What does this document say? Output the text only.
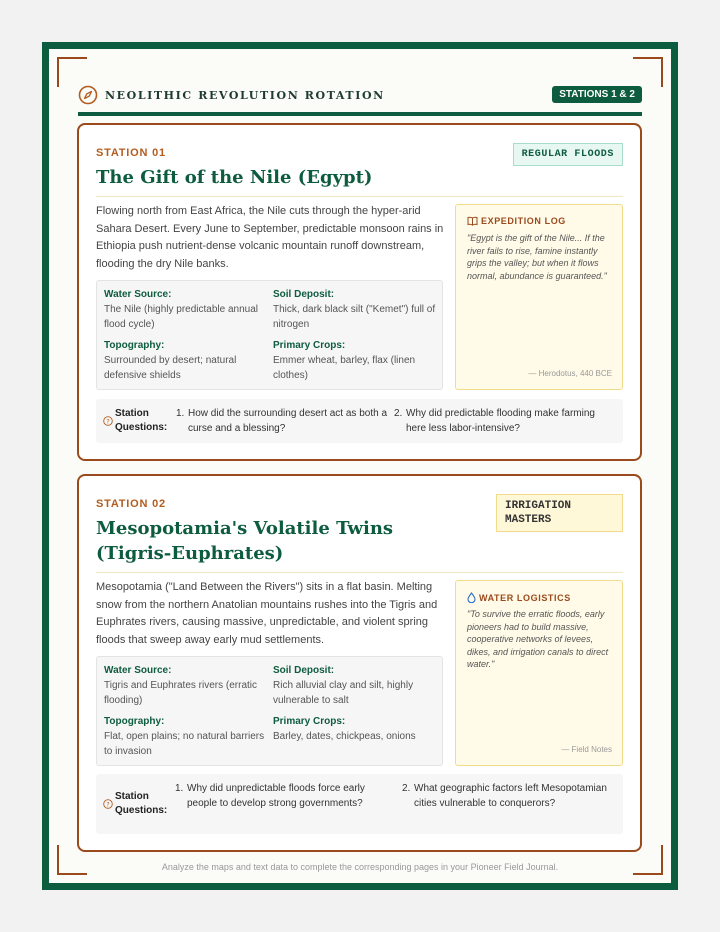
NEOLITHIC REVOLUTION ROTATION	STATIONS 1 & 2
STATION 01
The Gift of the Nile (Egypt)
REGULAR FLOODS
Flowing north from East Africa, the Nile cuts through the hyper-arid Sahara Desert. Every June to September, predictable monsoon rains in Ethiopia push nutrient-dense volcanic mountain runoff downstream, flooding the dry Nile banks.
Water Source:
The Nile (highly predictable annual flood cycle)
Soil Deposit:
Thick, dark black silt ("Kemet") full of nitrogen
Topography:
Surrounded by desert; natural defensive shields
Primary Crops:
Emmer wheat, barley, flax (linen clothes)
EXPEDITION LOG
"Egypt is the gift of the Nile... If the river fails to rise, famine instantly grips the valley; but when it flows normal, abundance is guaranteed."
— Herodotus, 440 BCE
?
Station Questions:
1. How did the surrounding desert act as both a curse and a blessing?
2. Why did predictable flooding make farming here less labor-intensive?
STATION 02
Mesopotamia's Volatile Twins (Tigris-Euphrates)
IRRIGATION MASTERS
Mesopotamia ("Land Between the Rivers") sits in a flat basin. Melting snow from the northern Anatolian mountains rushes into the Tigris and Euphrates rivers, causing massive, unpredictable, and violent spring floods that sweep away early mud settlements.
Water Source:
Tigris and Euphrates rivers (erratic flooding)
Soil Deposit:
Rich alluvial clay and silt, highly vulnerable to salt
Topography:
Flat, open plains; no natural barriers to invasion
Primary Crops:
Barley, dates, chickpeas, onions
WATER LOGISTICS
"To survive the erratic floods, early pioneers had to build massive, cooperative networks of levees, dikes, and irrigation canals to direct water."
— Field Notes
?
Station Questions:
1. Why did unpredictable floods force early people to develop strong governments?
2. What geographic factors left Mesopotamian cities vulnerable to conquerors?
Analyze the maps and text data to complete the corresponding pages in your Pioneer Field Journal.
